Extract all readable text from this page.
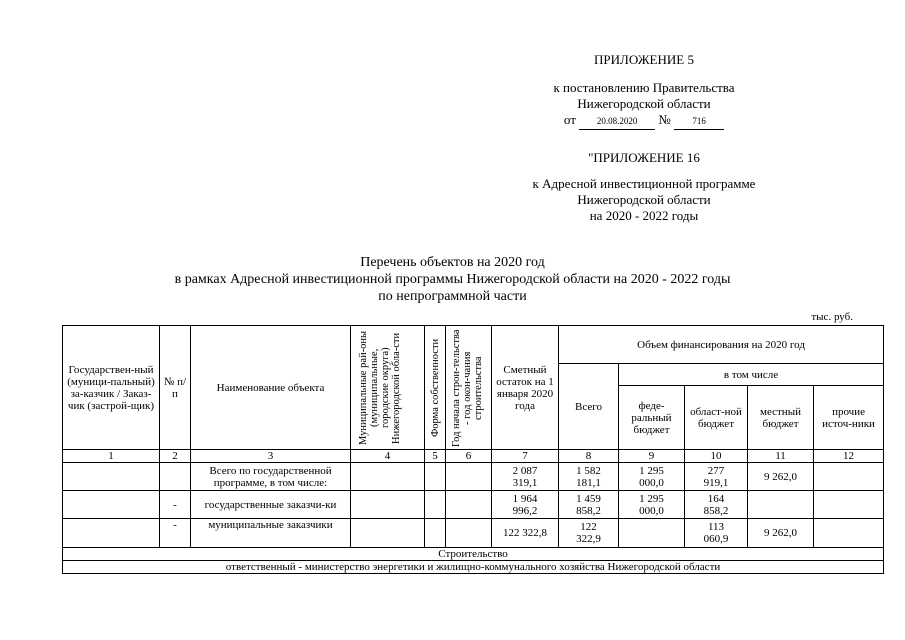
ПРИЛОЖЕНИЕ 5
к постановлению Правительства
Нижегородской области
от 20.08.2020 № 716
"ПРИЛОЖЕНИЕ 16
к Адресной инвестиционной программе
Нижегородской области
на 2020 - 2022 годы
Перечень объектов на 2020 год
в рамках Адресной инвестиционной программы Нижегородской области на 2020 - 2022 годы
по непрограммной части
тыс. руб.
Государствен-ный (муници-пальный) за-казчик / Заказ-чик (застрой-щик)	№ п/п	Наименование объекта	Муниципальные рай-оны (муниципальные, городские округа) Нижегородской обла-сти	Форма собственности	Год начала строи-тельства - год окон-чания строительства	Сметный остаток на 1 января 2020 года	Объем финансирования на 2020 год				
							Всего	в том числе			
								феде-ральный бюджет	област-ной бюджет	местный бюджет	прочие источ-ники
1	2	3	4	5	6	7	8	9	10	11	12
		Всего по государственной программе, в том числе:				2 087 319,1	1 582 181,1	1 295 000,0	277 919,1	9 262,0	
	-	государственные заказчи-ки				1 964 996,2	1 459 858,2	1 295 000,0	164 858,2		
	-	муниципальные заказчики				122 322,8	122 322,9		113 060,9	9 262,0	
Строительство											
ответственный - министерство энергетики и жилищно-коммунального хозяйства Нижегородской области											
